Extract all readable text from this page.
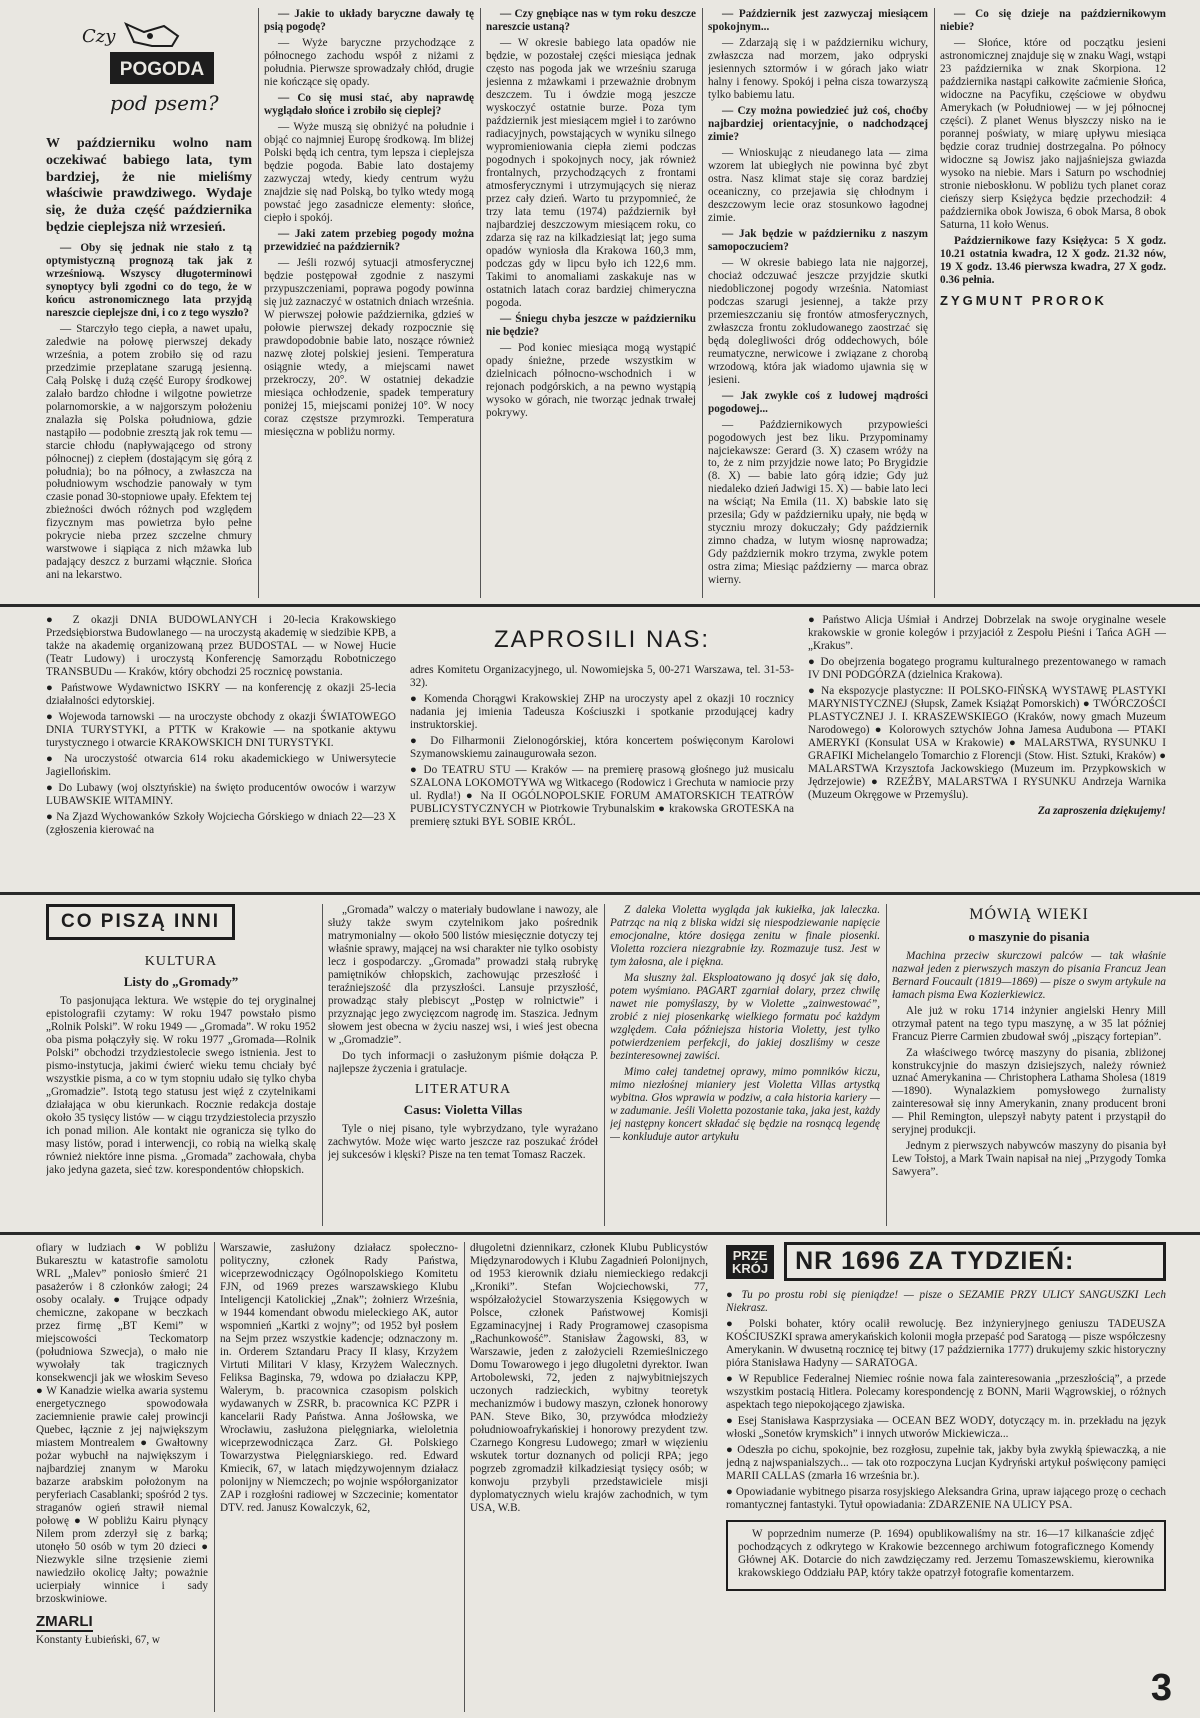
Czy
POGODA
pod psem?

W październiku wolno nam oczekiwać babiego lata, tym bardziej, że nie mieliśmy właściwie prawdziwego. Wydaje się, że duża część października będzie cieplejsza niż wrzesień.

— Oby się jednak nie stało z tą optymistyczną prognozą tak jak z wrześniową. Wszyscy długoterminowi synoptycy byli zgodni co do tego, że w końcu astronomicznego lata przyjdą nareszcie cieplejsze dni, i co z tego wyszło?

— Starczyło tego ciepła, a nawet upału, zaledwie na połowę pierwszej dekady września, a potem zrobiło się od razu przedzimie przeplatane szarugą jesienną. Całą Polskę i dużą część Europy środkowej zalało bardzo chłodne i wilgotne powietrze polarnomorskie, a w najgorszym położeniu znalazła się Polska południowa, gdzie nastąpiło — podobnie zresztą jak rok temu — starcie chłodu (napływającego od strony północnej) z ciepłem (dostającym się górą z południa); bo na północy, a zwłaszcza na południowym wschodzie panowały w tym czasie ponad 30-stopniowe upały. Efektem tej zbieżności dwóch różnych pod względem fizycznym mas powietrza było pełne pokrycie nieba przez szczelne chmury warstwowe i siąpiąca z nich mżawka lub padający deszcz z burzami włącznie. Słońca ani na lekarstwo.

— Jakie to układy baryczne dawały tę psią pogodę?

— Wyże baryczne przychodzące z północnego zachodu współ z niżami z południa. Pierwsze sprowadzały chłód, drugie nie kończące się opady.

— Co się musi stać, aby naprawdę wyglądało słońce i zrobiło się cieplej?

— Wyże muszą się obniżyć na południe i objąć co najmniej Europę środkową. Im bliżej Polski będą ich centra, tym lepsza i cieplejsza będzie pogoda. Babie lato dostajemy zazwyczaj wtedy, kiedy centrum wyżu znajdzie się nad Polską, bo tylko wtedy mogą powstać jego zasadnicze elementy: słońce, ciepło i spokój.

— Jaki zatem przebieg pogody można przewidzieć na październik?

— Jeśli rozwój sytuacji atmosferycznej będzie postępował zgodnie z naszymi przypuszczeniami, poprawa pogody powinna się już zaznaczyć w ostatnich dniach września. W pierwszej połowie października, gdzieś w połowie pierwszej dekady rozpocznie się prawdopodobnie babie lato, noszące również nazwę złotej polskiej jesieni. Temperatura osiągnie wtedy, a miejscami nawet przekroczy, 20°. W ostatniej dekadzie miesiąca ochłodzenie, spadek temperatury poniżej 15, miejscami poniżej 10°. W nocy coraz częstsze przymrozki. Temperatura miesięczna w pobliżu normy.

— Czy gnębiące nas w tym roku deszcze nareszcie ustaną?

— W okresie babiego lata opadów nie będzie, w pozostałej części miesiąca jednak często nas pogoda jak we wrześniu szaruga jesienna z mżawkami i przeważnie drobnym deszczem. Tu i ówdzie mogą jeszcze wyskoczyć ostatnie burze. Poza tym październik jest miesiącem mgieł i to zarówno radiacyjnych, powstających w wyniku silnego wypromieniowania ciepła ziemi podczas pogodnych i spokojnych nocy, jak również frontalnych, przychodzących z frontami atmosferycznymi i utrzymujących się nieraz przez cały dzień. Warto tu przypomnieć, że trzy lata temu (1974) październik był najbardziej deszczowym miesiącem roku, co zdarza się raz na kilkadziesiąt lat; jego suma opadów wyniosła dla Krakowa 160,3 mm, podczas gdy w lipcu było ich 122,6 mm. Takimi to anomaliami zaskakuje nas w ostatnich latach coraz bardziej chimeryczna pogoda.

— Śniegu chyba jeszcze w październiku nie będzie?

— Pod koniec miesiąca mogą wystąpić opady śnieżne, przede wszystkim w dzielnicach północno-wschodnich i w rejonach podgórskich, a na pewno wystąpią wysoko w górach, nie tworząc jednak trwałej pokrywy.

— Październik jest zazwyczaj miesiącem spokojnym...

— Zdarzają się i w październiku wichury, zwłaszcza nad morzem, jako odpryski jesiennych sztormów i w górach jako wiatr halny i fenowy. Spokój i pełna cisza towarzyszą tylko babiemu latu.

— Czy można powiedzieć już coś, choćby najbardziej orientacyjnie, o nadchodzącej zimie?

— Wnioskując z nieudanego lata — zima wzorem lat ubiegłych nie powinna być zbyt ostra. Nasz klimat staje się coraz bardziej oceaniczny, co przejawia się chłodnym i deszczowym lecie oraz stosunkowo łagodnej zimie.

— Jak będzie w październiku z naszym samopoczuciem?

— W okresie babiego lata nie najgorzej, chociaż odczuwać jeszcze przyjdzie skutki niedobliczonej pogody września. Natomiast podczas szarugi jesiennej, a także przy przemieszczaniu się frontów atmosferycznych, zwłaszcza frontu zokludowanego zaostrzać się będą dolegliwości dróg oddechowych, bóle reumatyczne, nerwicowe i związane z chorobą wrzodową, która jak wiadomo ujawnia się w jesieni.

— Jak zwykle coś z ludowej mądrości pogodowej...

— Październikowych przypowieści pogodowych jest bez liku. Przypominamy najciekawsze: Gerard (3. X) czasem wróży na to, że z nim przyjdzie nowe lato; Po Brygidzie (8. X) — babie lato górą idzie; Gdy już niedaleko dzień Jadwigi 15. X) — babie lato leci na wściąt; Na Emila (11. X) babskie lato się przesila; Gdy w październiku upały, nie będą w styczniu mrozy dokuczały; Gdy październik zimno chadza, w lutym wiosnę naprowadza; Gdy październik mokro trzyma, zwykle potem ostra zima; Miesiąc październy — marca obraz wierny.

— Co się dzieje na październikowym niebie?

— Słońce, które od początku jesieni astronomicznej znajduje się w znaku Wagi, wstąpi 23 października w znak Skorpiona. 12 października nastąpi całkowite zaćmienie Słońca, widoczne na Pacyfiku, częściowe w obydwu Amerykach (w Południowej — w jej północnej części). Z planet Wenus błyszczy nisko na ie porannej poświaty, w miarę upływu miesiąca będzie coraz trudniej dostrzegalna. Po północy widoczne są Jowisz jako najjaśniejsza gwiazda wysoko na niebie. Mars i Saturn po wschodniej stronie nieboskłonu. W pobliżu tych planet coraz cieńszy sierp Księżyca będzie przechodził: 4 października obok Jowisza, 6 obok Marsa, 8 obok Saturna, 11 koło Wenus.

Październikowe fazy Księżyca: 5 X godz. 10.21 ostatnia kwadra, 12 X godz. 21.32 nów, 19 X godz. 13.46 pierwsza kwadra, 27 X godz. 0.36 pełnia.

ZYGMUNT PROROK

● Z okazji DNIA BUDOWLANYCH i 20-lecia Krakowskiego Przedsiębiorstwa Budowlanego — na uroczystą akademię w siedzibie KPB, a także na akademię organizowaną przez BUDOSTAL — w Nowej Hucie (Teatr Ludowy) i uroczystą Konferencję Samorządu Robotniczego TRANSBUDu — Kraków, który obchodzi 25 rocznicę powstania.

● Państwowe Wydawnictwo ISKRY — na konferencję z okazji 25-lecia działalności edytorskiej.

● Wojewoda tarnowski — na uroczyste obchody z okazji ŚWIATOWEGO DNIA TURYSTYKI, a PTTK w Krakowie — na spotkanie aktywu turystycznego i otwarcie KRAKOWSKICH DNI TURYSTYKI.

● Na uroczystość otwarcia 614 roku akademickiego w Uniwersytecie Jagiellońskim.

● Do Lubawy (woj olsztyńskie) na święto producentów owoców i warzyw LUBAWSKIE WITAMINY.

● Na Zjazd Wychowanków Szkoły Wojciecha Górskiego w dniach 22—23 X (zgłoszenia kierować na

ZAPROSILI NAS:

adres Komitetu Organizacyjnego, ul. Nowomiejska 5, 00-271 Warszawa, tel. 31-53-32).

● Komenda Chorągwi Krakowskiej ZHP na uroczysty apel z okazji 10 rocznicy nadania jej imienia Tadeusza Kościuszki i spotkanie przodującej kadry instruktorskiej.

● Do Filharmonii Zielonogórskiej, która koncertem poświęconym Karolowi Szymanowskiemu zainaugurowała sezon.

● Do TEATRU STU — Kraków — na premierę prasową głośnego już musicalu SZALONA LOKOMOTYWA wg Witkacego (Rodowicz i Grechuta w namiocie przy ul. Rydla!) ● Na II OGÓLNOPOLSKIE FORUM AMATORSKICH TEATRÓW PUBLICYSTYCZNYCH w Piotrkowie Trybunalskim ● krakowska GROTESKA na premierę sztuki BYŁ SOBIE KRÓL.

● Państwo Alicja Uśmiał i Andrzej Dobrzelak na swoje oryginalne wesele krakowskie w gronie kolegów i przyjaciół z Zespołu Pieśni i Tańca AGH — „Krakus”.

● Do obejrzenia bogatego programu kulturalnego prezentowanego w ramach IV DNI PODGÓRZA (dzielnica Krakowa).

● Na ekspozycje plastyczne: II POLSKO-FIŃSKĄ WYSTAWĘ PLASTYKI MARYNISTYCZNEJ (Słupsk, Zamek Książąt Pomorskich) ● TWÓRCZOŚCI PLASTYCZNEJ J. I. KRASZEWSKIEGO (Kraków, nowy gmach Muzeum Narodowego) ● Kolorowych sztychów Johna Jamesa Audubona — PTAKI AMERYKI (Konsulat USA w Krakowie) ● MALARSTWA, RYSUNKU I GRAFIKI Michelangelo Tomarchio z Florencji (Stow. Hist. Sztuki, Kraków) ● MALARSTWA Krzysztofa Jackowskiego (Muzeum im. Przypkowskich w Jędrzejowie) ● RZEŹBY, MALARSTWA I RYSUNKU Andrzeja Warnika (Muzeum Okręgowe w Przemyślu).

Za zaproszenia dziękujemy!

CO PISZĄ INNI
KULTURA
Listy do „Gromady”

To pasjonująca lektura. We wstępie do tej oryginalnej epistolografii czytamy: W roku 1947 powstało pismo „Rolnik Polski”. W roku 1949 — „Gromada”. W roku 1952 oba pisma połączyły się. W roku 1977 „Gromada—Rolnik Polski” obchodzi trzydziestolecie swego istnienia. Jest to pismo-instytucja, jakimi ćwierć wieku temu chciały być wszystkie pisma, a co w tym stopniu udało się tylko chyba „Gromadzie”. Istotą tego statusu jest więź z czytelnikami działająca w obu kierunkach. Rocznie redakcja dostaje około 35 tysięcy listów — w ciągu trzydziestolecia przyszło ich ponad milion. Ale kontakt nie ogranicza się tylko do masy listów, porad i interwencji, co robią na wielką skalę również niektóre inne pisma. „Gromada” zachowała, chyba jako jedyna gazeta, sieć tzw. korespondentów chłopskich.

„Gromada” walczy o materiały budowlane i nawozy, ale służy także swym czytelnikom jako pośrednik matrymonialny — około 500 listów miesięcznie dotyczy tej właśnie sprawy, mającej na wsi charakter nie tylko osobisty lecz i gospodarczy. „Gromada” prowadzi stałą rubrykę pamiętników chłopskich, zachowując przeszłość i teraźniejszość dla przyszłości. Lansuje przyszłość, prowadząc stały plebiscyt „Postęp w rolnictwie” i przyznając jego zwycięzcom nagrodę im. Staszica. Jednym słowem jest obecna w życiu naszej wsi, i wieś jest obecna w „Gromadzie”.

Do tych informacji o zasłużonym piśmie dołącza P. najlepsze życzenia i gratulacje.

LITERATURA
Casus: Violetta Villas

Tyle o niej pisano, tyle wybrzydzano, tyle wyrażano zachwytów. Może więc warto jeszcze raz poszukać źródeł jej sukcesów i klęski? Pisze na ten temat Tomasz Raczek.

Z daleka Violetta wygląda jak kukiełka, jak laleczka. Patrząc na nią z bliska widzi się niespodziewanie napięcie emocjonalne, które dosięga zenitu w finale piosenki. Violetta rozciera niezgrabnie łzy. Rozmazuje tusz. Jest w tym żałosna, ale i piękna.

Ma słuszny żal. Eksploatowano ją dosyć jak się dało, potem wyśmiano. PAGART zgarniał dolary, przez chwilę nawet nie pomyślaszy, by w Violette „zainwestować”, zrobić z niej piosenkarkę wielkiego formatu poć każdym względem. Cała późniejsza historia Violetty, jest tylko potwierdzeniem perfekcji, do jakiej doszliśmy w cesze bezinteresownej zawiści.

Mimo całej tandetnej oprawy, mimo pomników kiczu, mimo niezłośnej mianiery jest Violetta Villas artystką wybitna. Głos wprawia w podziw, a cała historia kariery — w zadumanie. Jeśli Violetta pozostanie taka, jaka jest, każdy jej następny koncert składać się będzie na rosnącą legendę — konkluduje autor artykułu

MÓWIĄ WIEKI
o maszynie do pisania

Machina przeciw skurczowi palców — tak właśnie nazwał jeden z pierwszych maszyn do pisania Francuz Jean Bernard Foucault (1819—1869) — pisze o swym artykule na łamach pisma Ewa Kozierkiewicz.

Ale już w roku 1714 inżynier angielski Henry Mill otrzymał patent na tego typu maszynę, a w 35 lat później Francuz Pierre Carmien zbudował swój „piszący fortepian”.

Za właściwego twórcę maszyny do pisania, zbliżonej konstrukcyjnie do maszyn dzisiejszych, należy również uznać Amerykanina — Christophera Lathama Sholesa (1819—1890). Wynalazkiem pomysłowego żurnalisty zainteresował się inny Amerykanin, znany producent broni — Phil Remington, ulepszył nabyty patent i przystąpił do seryjnej produkcji.

Jednym z pierwszych nabywców maszyny do pisania był Lew Tołstoj, a Mark Twain napisał na niej „Przygody Tomka Sawyera”.

ofiary w ludziach ● W pobliżu Bukaresztu w katastrofie samolotu WRL „Malev” poniosło śmierć 21 pasażerów i 8 członków załogi; 24 osoby ocalały. ● Trujące odpady chemiczne, zakopane w beczkach przez firmę „BT Kemi” w miejscowości Teckomatorp (południowa Szwecja), o mało nie wywołały tak tragicznych konsekwencji jak we włoskim Seveso ● W Kanadzie wielka awaria systemu energetycznego spowodowała zaciemnienie prawie całej prowincji Quebec, łącznie z jej największym miastem Montrealem ● Gwałtowny pożar wybuchł na największym i najbardziej znanym w Maroku bazarze arabskim położonym na peryferiach Casablanki; spośród 2 tys. straganów ogień strawił niemal połowę ● W pobliżu Kairu płynący Nilem prom zderzył się z barką; utonęło 50 osób w tym 20 dzieci ● Niezwykle silne trzęsienie ziemi nawiedziło okolicę Jałty; poważnie ucierpiały winnice i sady brzoskwiniowe.

ZMARLI

Konstanty Łubieński, 67, w

Warszawie, zasłużony działacz społeczno-polityczny, członek Rady Państwa, wiceprzewodniczący Ogólnopolskiego Komitetu FJN, od 1969 prezes warszawskiego Klubu Inteligencji Katolickiej „Znak”; żołnierz Września, w 1944 komendant obwodu mieleckiego AK, autor wspomnień „Kartki z wojny”; od 1952 był posłem na Sejm przez wszystkie kadencje; odznaczony m. in. Orderem Sztandaru Pracy II klasy, Krzyżem Virtuti Militari V klasy, Krzyżem Walecznych. Feliksa Baginska, 79, wdowa po działaczu KPP, Walerym, b. pracownica czasopism polskich wydawanych w ZSRR, b. pracownica KC PZPR i kancelarii Rady Państwa. Anna Jośłowska, we Wrocławiu, zasłużona pielęgniarka, wieloletnia wiceprzewodnicząca Zarz. Gł. Polskiego Towarzystwa Pielęgniarskiego. red. Edward Kmiecik, 67, w latach międzywojennym działacz polonijny w Niemczech; po wojnie współorganizator ZAP i rozgłośni radiowej w Szczecinie; komentator DTV. red. Janusz Kowalczyk, 62,

długoletni dziennikarz, członek Klubu Publicystów Międzynarodowych i Klubu Zagadnień Polonijnych, od 1953 kierownik działu niemieckiego redakcji „Kroniki”. Stefan Wojciechowski, 77, współzałożyciel Stowarzyszenia Księgowych w Polsce, członek Państwowej Komisji Egzaminacyjnej i Rady Programowej czasopisma „Rachunkowość”. Stanisław Żagowski, 83, w Warszawie, jeden z założycieli Rzemieślniczego Domu Towarowego i jego długoletni dyrektor. Iwan Artobolewski, 72, jeden z najwybitniejszych uczonych radzieckich, wybitny teoretyk mechanizmów i budowy maszyn, członek honorowy PAN. Steve Biko, 30, przywódca młodzieży południowoafrykańskiej i honorowy prezydent tzw. Czarnego Kongresu Ludowego; zmarł w więzieniu wskutek tortur doznanych od policji RPA; jego pogrzeb zgromadził kilkadziesiąt tysięcy osób; w konwoju przybyli przedstawiciele misji dyplomatycznych wielu krajów zachodnich, w tym USA, W.B.

PRZE
KRÓJ	NR 1696 ZA TYDZIEŃ:

● Tu po prostu robi się pieniądze! — pisze o SEZAMIE PRZY ULICY SANGUSZKI Lech Niekrasz.

● Polski bohater, który ocalił rewolucję. Bez inżynieryjnego geniuszu TADEUSZA KOŚCIUSZKI sprawa amerykańskich kolonii mogła przepaść pod Saratogą — pisze współczesny Amerykanin. W dwusetną rocznicę tej bitwy (17 października 1777) drukujemy szkic historyczny pióra Stanisława Hadyny — SARATOGA.

● W Republice Federalnej Niemiec rośnie nowa fala zainteresowania „przeszłością”, a przede wszystkim postacią Hitlera. Polecamy korespondencję z BONN, Marii Wągrowskiej, o różnych aspektach tego niepokojącego zjawiska.

● Esej Stanisława Kasprzysiaka — OCEAN BEZ WODY, dotyczący m. in. przekładu na język włoski „Sonetów krymskich” i innych utworów Mickiewicza...

● Odeszła po cichu, spokojnie, bez rozgłosu, zupełnie tak, jakby była zwykłą śpiewaczką, a nie jedną z najwspanialszych... — tak oto rozpoczyna Lucjan Kydryński artykuł poświęcony pamięci MARII CALLAS (zmarła 16 września br.).

● Opowiadanie wybitnego pisarza rosyjskiego Aleksandra Grina, upraw iającego prozę o cechach romantycznej fantastyki. Tytuł opowiadania: ZDARZENIE NA ULICY PSA.

W poprzednim numerze (P. 1694) opublikowaliśmy na str. 16—17 kilkanaście zdjęć pochodzących z odkrytego w Krakowie bezcennego archiwum fotograficznego Komendy Głównej AK. Dotarcie do nich zawdzięczamy red. Jerzemu Tomaszewskiemu, kierownika krakowskiego Oddziału PAP, który także opatrzył fotografie komentarzem.

3
